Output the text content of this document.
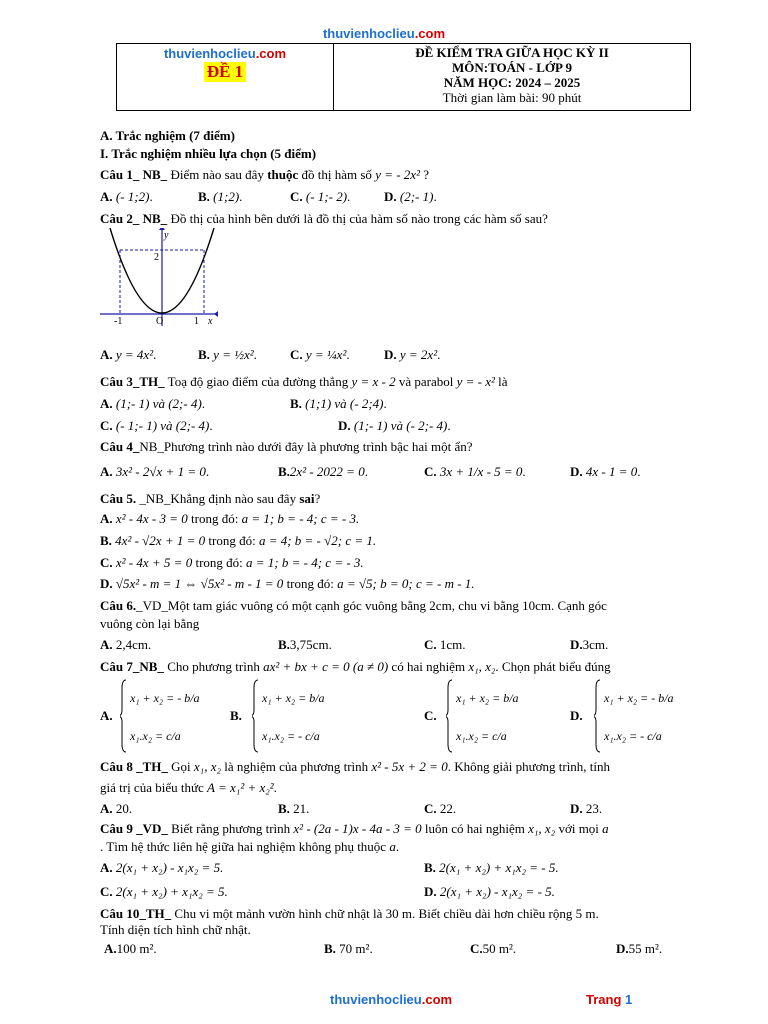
thuvienhoclieu.com
thuvienhoclieu.com
ĐỀ 1
ĐỀ KIỂM TRA GIỮA HỌC KỲ II
MÔN:TOÁN - LỚP 9
NĂM HỌC: 2024 – 2025
Thời gian làm bài: 90 phút
A. Trắc nghiệm (7 điểm)
I. Trắc nghiệm nhiều lựa chọn (5 điểm)
Câu 1_ NB_ Điểm nào sau đây thuộc đồ thị hàm số y = - 2x² ?
A. (- 1;2).	B. (1;2).	C. (- 1;- 2).	D. (2;- 1).
Câu 2_ NB_ Đồ thị của hình bên dưới là đồ thị của hàm số nào trong các hàm số sau?
y
2
x
-1	O	1
A. y = 4x².	B. y = ½x².	C. y = ¼x².	D. y = 2x².
Câu 3_TH_ Toạ độ giao điểm của đường thẳng y = x - 2 và parabol y = - x² là
A. (1;- 1) và (2;- 4).	B. (1;1) và (- 2;4).
C. (- 1;- 1) và (2;- 4).	D. (1;- 1) và (- 2;- 4).
Câu 4_NB_Phương trình nào dưới đây là phương trình bậc hai một ẩn?
A. 3x² - 2√x + 1 = 0.	B.2x² - 2022 = 0.	C. 3x + 1/x - 5 = 0.	D. 4x - 1 = 0.
Câu 5. _NB_Khẳng định nào sau đây sai?
A. x² - 4x - 3 = 0 trong đó: a = 1; b = - 4; c = - 3.
B. 4x² - √2x + 1 = 0 trong đó: a = 4; b = - √2; c = 1.
C. x² - 4x + 5 = 0 trong đó: a = 1; b = - 4; c = - 3.
D. √5x² - m = 1 ⇔ √5x² - m - 1 = 0 trong đó: a = √5; b = 0; c = - m - 1.
Câu 6._VD_Một tam giác vuông có một cạnh góc vuông bằng 2cm, chu vi bằng 10cm. Cạnh góc
vuông còn lại bằng
A. 2,4cm.	B.3,75cm.	C. 1cm.	D.3cm.
Câu 7_NB_ Cho phương trình ax² + bx + c = 0 (a ≠ 0) có hai nghiệm x₁, x₂. Chọn phát biểu đúng
A.
x₁ + x₂ = - b/a
x₁.x₂ = c/a
B.
x₁ + x₂ = b/a
x₁.x₂ = - c/a
C.
x₁ + x₂ = b/a
x₁.x₂ = c/a
D.
x₁ + x₂ = - b/a
x₁.x₂ = - c/a
Câu 8 _TH_ Gọi x₁, x₂ là nghiệm của phương trình x² - 5x + 2 = 0. Không giải phương trình, tính
giá trị của biểu thức A = x₁² + x₂².
A. 20.	B. 21.	C. 22.	D. 23.
Câu 9 _VD_ Biết rằng phương trình x² - (2a - 1)x - 4a - 3 = 0 luôn có hai nghiệm x₁, x₂ với mọi a
. Tìm hệ thức liên hệ giữa hai nghiệm không phụ thuộc a.
A. 2(x₁ + x₂) - x₁x₂ = 5.	B. 2(x₁ + x₂) + x₁x₂ = - 5.
C. 2(x₁ + x₂) + x₁x₂ = 5.	D. 2(x₁ + x₂) - x₁x₂ = - 5.
Câu 10_TH_ Chu vi một mảnh vườn hình chữ nhật là 30 m. Biết chiều dài hơn chiều rộng 5 m.
Tính diện tích hình chữ nhật.
A.100 m².	B. 70 m².	C.50 m².	D.55 m².
thuvienhoclieu.com	Trang 1
